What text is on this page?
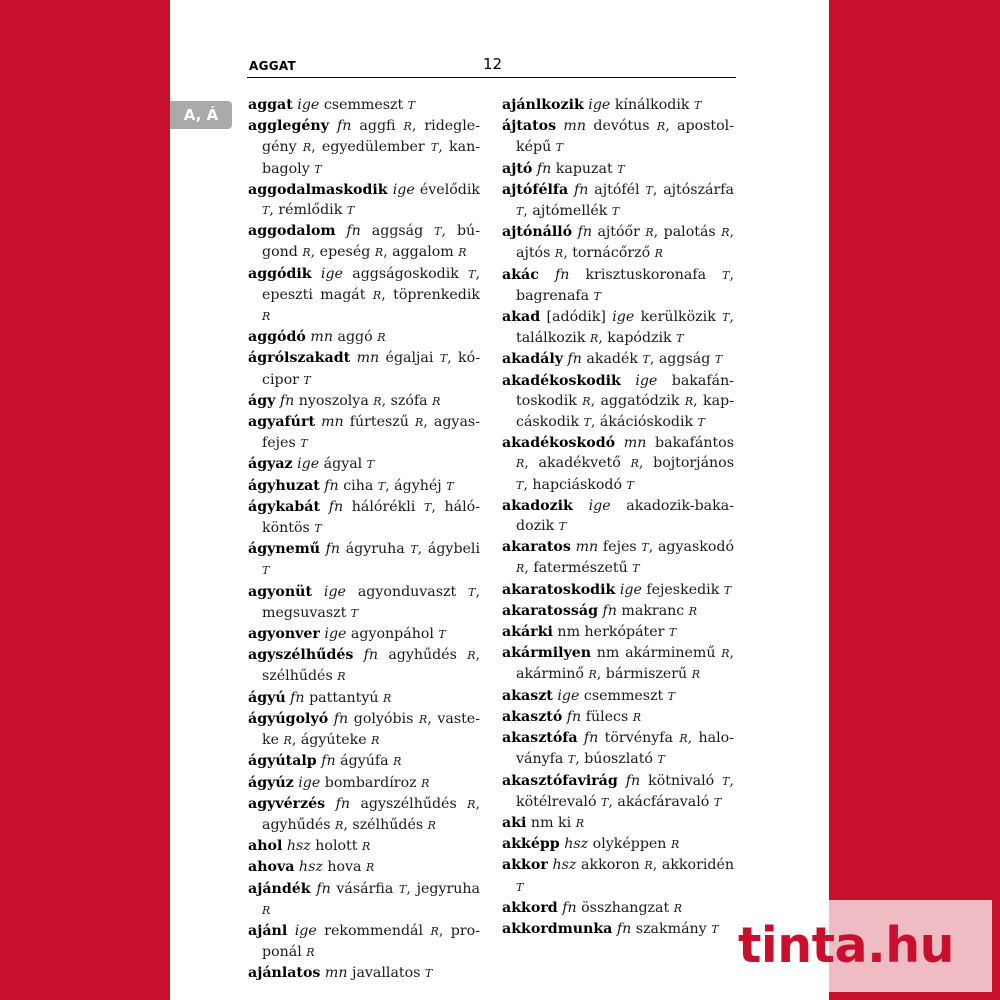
AGGAT	12
A, Á
aggat ige csemmeszt T
agglegény fn aggfi R, rideglegény R, egyedülember T, kanbagoly T
aggodalmaskodik ige évelődik T, rémlődik T
aggodalom fn aggság T, búgond R, epeség R, aggalom R
aggódik ige aggságoskodik T, epeszti magát R, töprenkedik R
aggódó mn aggó R
ágrólszakadt mn égaljai T, kócipor T
ágy fn nyoszolya R, szófa R
agyafúrt mn fúrteszű R, agyasfejes T
ágyaz ige ágyal T
ágyhuzat fn ciha T, ágyhéj T
ágykabát fn hálórékli T, hálóköntös T
ágynemű fn ágyruha T, ágybeli T
agyonüt ige agyonduvaszt T, megsuvaszt T
agyonver ige agyonpáhol T
agyszélhűdés fn agyhűdés R, szélhűdés R
ágyú fn pattantyú R
ágyúgolyó fn golyóbis R, vasteke R, ágyúteke R
ágyútalp fn ágyúfa R
ágyúz ige bombardíroz R
agyvérzés fn agyszélhűdés R, agyhűdés R, szélhűdés R
ahol hsz holott R
ahova hsz hova R
ajándék fn vásárfia T, jegyruha R
ajánl ige rekommendál R, proponál R
ajánlatos mn javallatos T
ajánlkozik ige kínálkodik T
ájtatos mn devótus R, apostolképű T
ajtó fn kapuzat T
ajtófélfa fn ajtófél T, ajtószárfa T, ajtómellék T
ajtónálló fn ajtóőr R, palotás R, ajtós R, tornácőrző R
akác fn krisztuskoronafa T, bagrenafa T
akad [adódik] ige kerülközik T, találkozik R, kapódzik T
akadály fn akadék T, aggság T
akadékoskodik ige bakafántoskodik R, aggatódzik R, kapcáskodik T, ákációskodik T
akadékoskodó mn bakafántos R, akadékvető R, bojtorjános T, hapciáskodó T
akadozik ige akadozik-bakadozik T
akaratos mn fejes T, agyaskodó R, fatermészetű T
akaratoskodik ige fejeskedik T
akaratosság fn makranc R
akárki nm herkópáter T
akármilyen nm akárminemű R, akárminő R, bármiszerű R
akaszt ige csemmeszt T
akasztó fn fülecs R
akasztófa fn törvényfa R, haloványfa T, búoszlató T
akasztófavirág fn kötnivaló T, kötélrevaló T, akácfáravaló T
aki nm ki R
akképp hsz olyképpen R
akkor hsz akkoron R, akkoridén T
akkord fn összhangzat R
akkordmunka fn szakmány T tinta.hu
